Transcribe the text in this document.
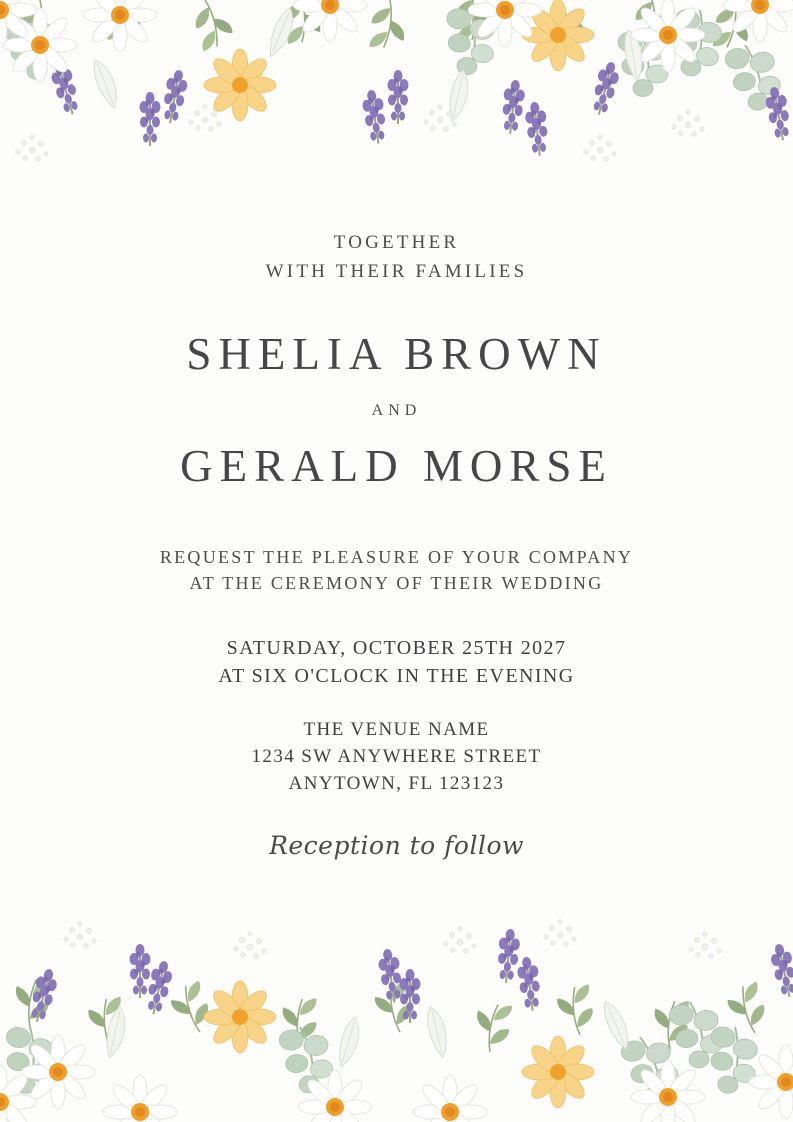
TOGETHER
WITH THEIR FAMILIES
SHELIA BROWN
AND
GERALD MORSE
REQUEST THE PLEASURE OF YOUR COMPANY
AT THE CEREMONY OF THEIR WEDDING
SATURDAY, OCTOBER 25TH 2027
AT SIX O'CLOCK IN THE EVENING
THE VENUE NAME
1234 SW ANYWHERE STREET
ANYTOWN, FL 123123
Reception to follow
